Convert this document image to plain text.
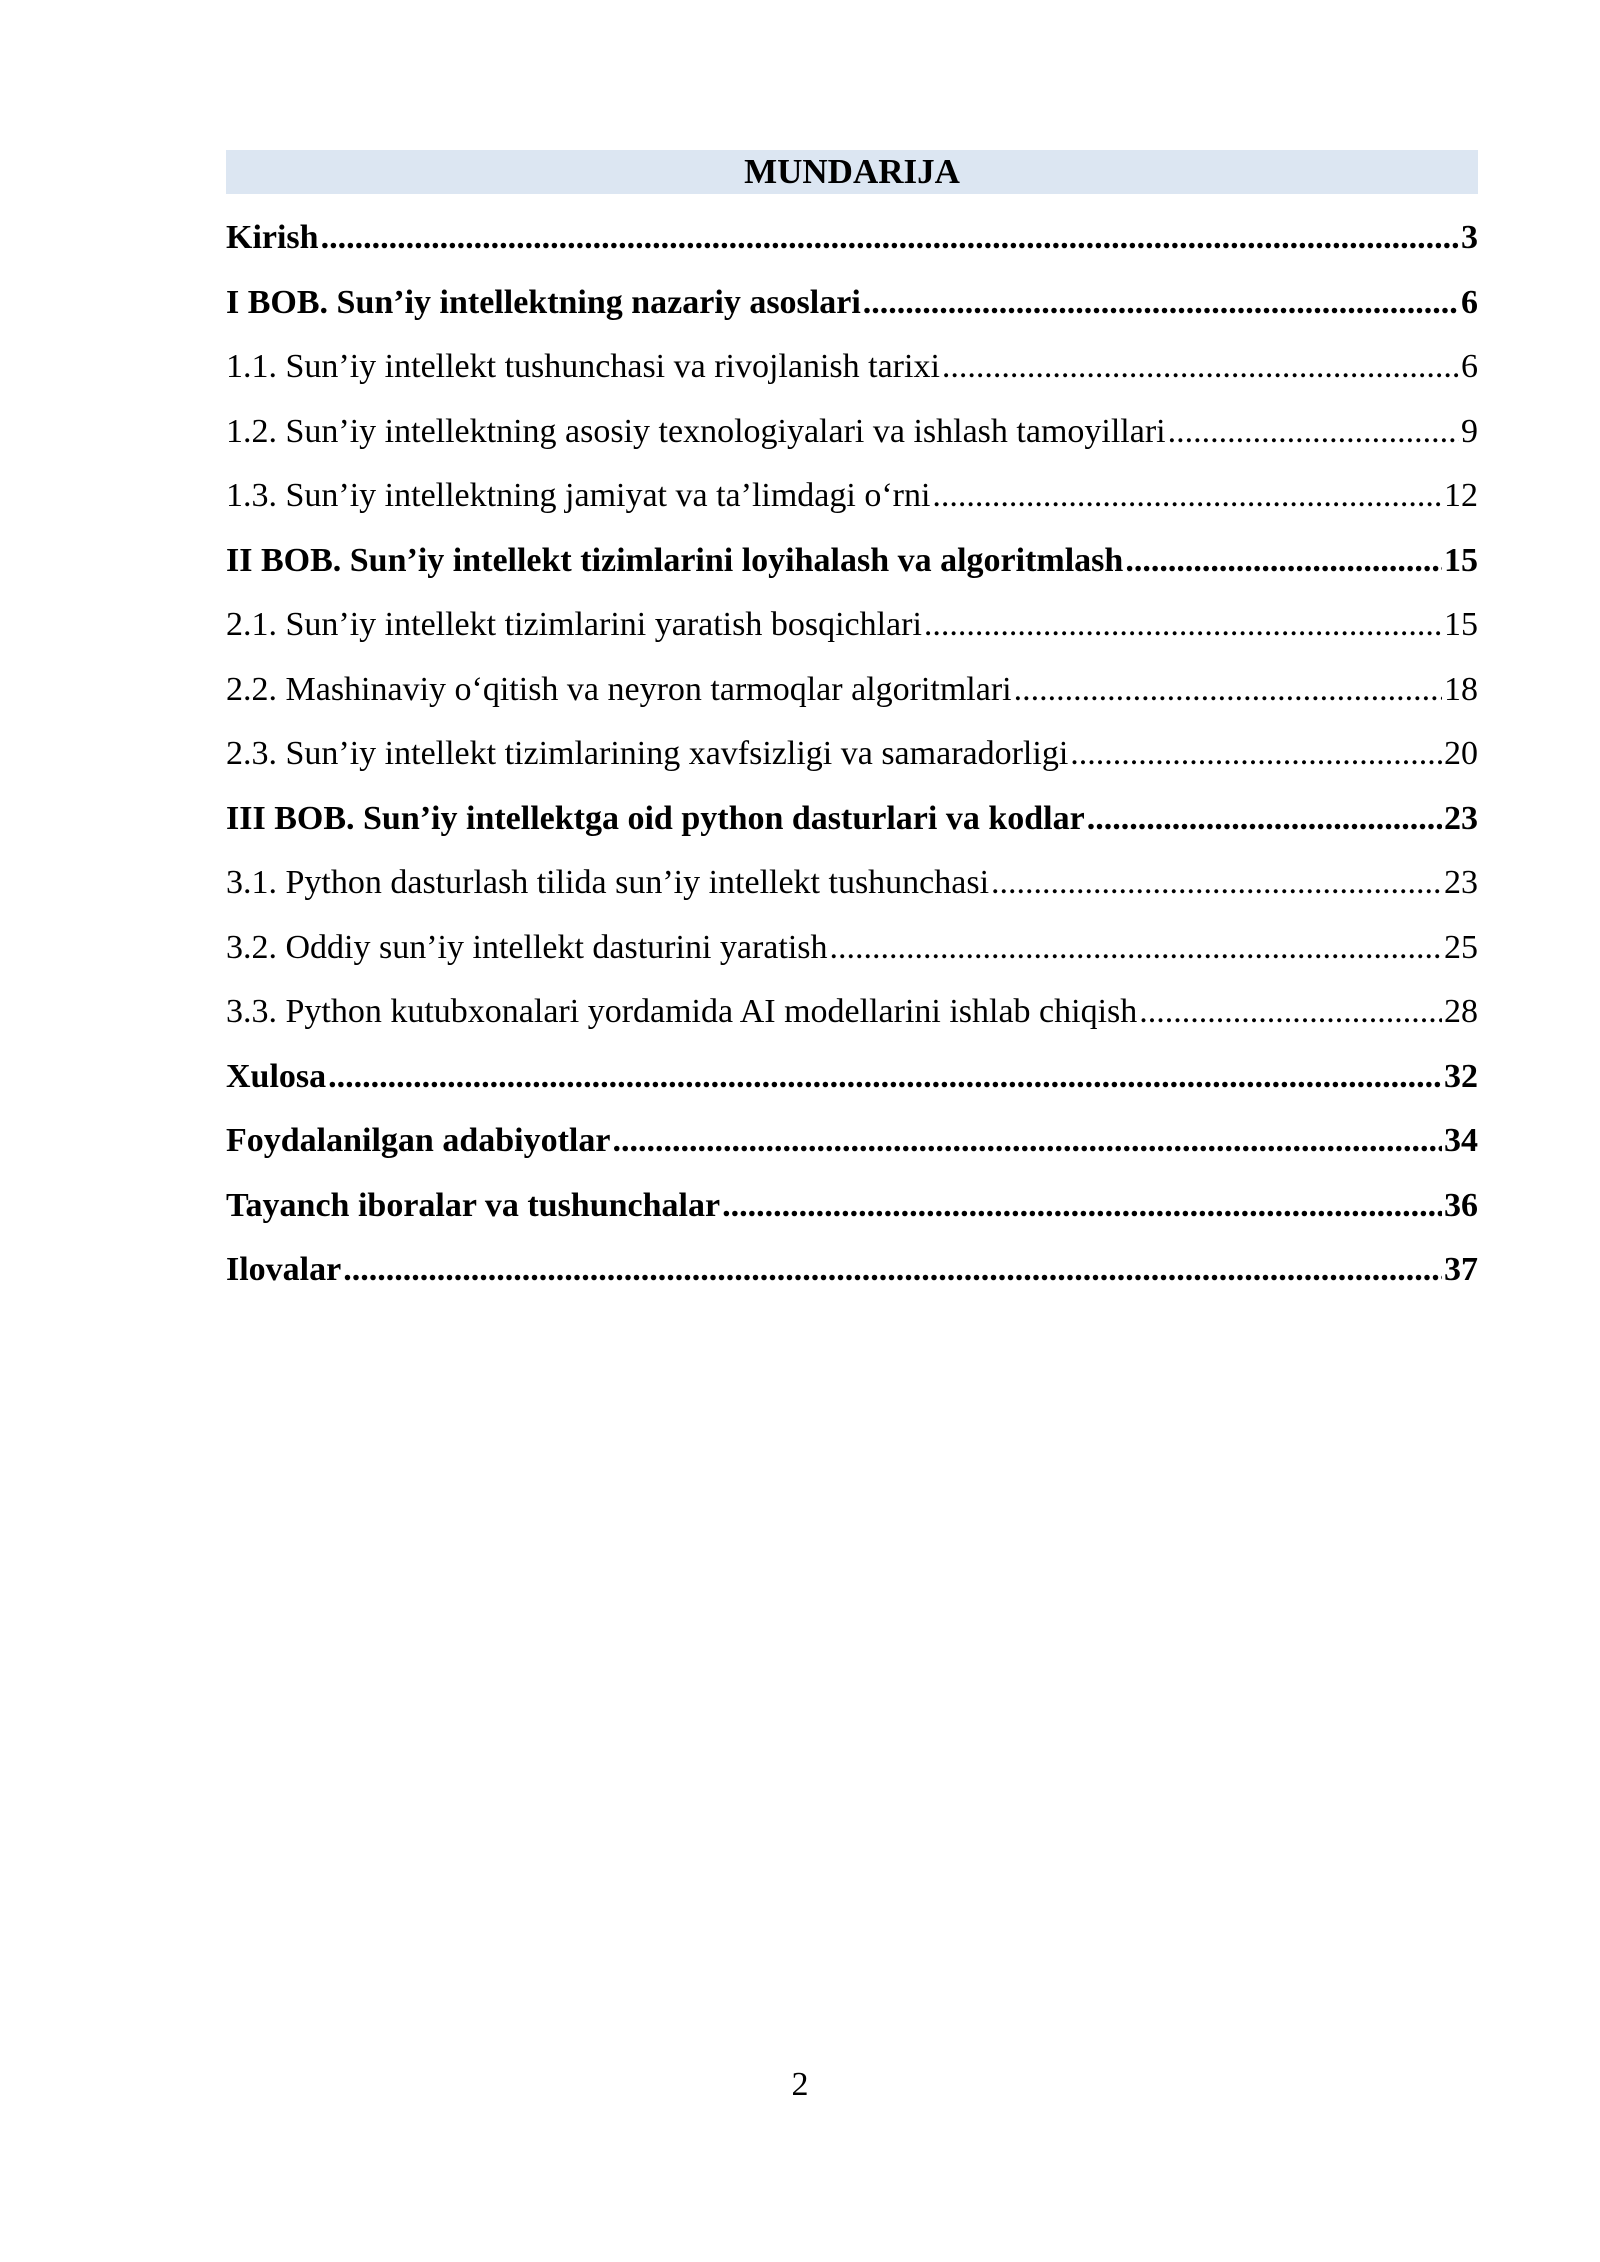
MUNDARIJA
Kirish .....	3
I BOB. Sun’iy intellektning nazariy asoslari .....	6
1.1. Sun’iy intellekt tushunchasi va rivojlanish tarixi .....	6
1.2. Sun’iy intellektning asosiy texnologiyalari va ishlash tamoyillari .....	9
1.3. Sun’iy intellektning jamiyat va ta’limdagi o‘rni .....	12
II BOB. Sun’iy intellekt tizimlarini loyihalash va algoritmlash .....	15
2.1. Sun’iy intellekt tizimlarini yaratish bosqichlari .....	15
2.2. Mashinaviy o‘qitish va neyron tarmoqlar algoritmlari .....	18
2.3. Sun’iy intellekt tizimlarining xavfsizligi va samaradorligi .....	20
III BOB. Sun’iy intellektga oid python dasturlari va kodlar .....	23
3.1. Python dasturlash tilida sun’iy intellekt tushunchasi .....	23
3.2. Oddiy sun’iy intellekt dasturini yaratish .....	25
3.3. Python kutubxonalari yordamida AI modellarini ishlab chiqish .....	28
Xulosa .....	32
Foydalanilgan adabiyotlar .....	34
Tayanch iboralar va tushunchalar .....	36
Ilovalar .....	37
2
